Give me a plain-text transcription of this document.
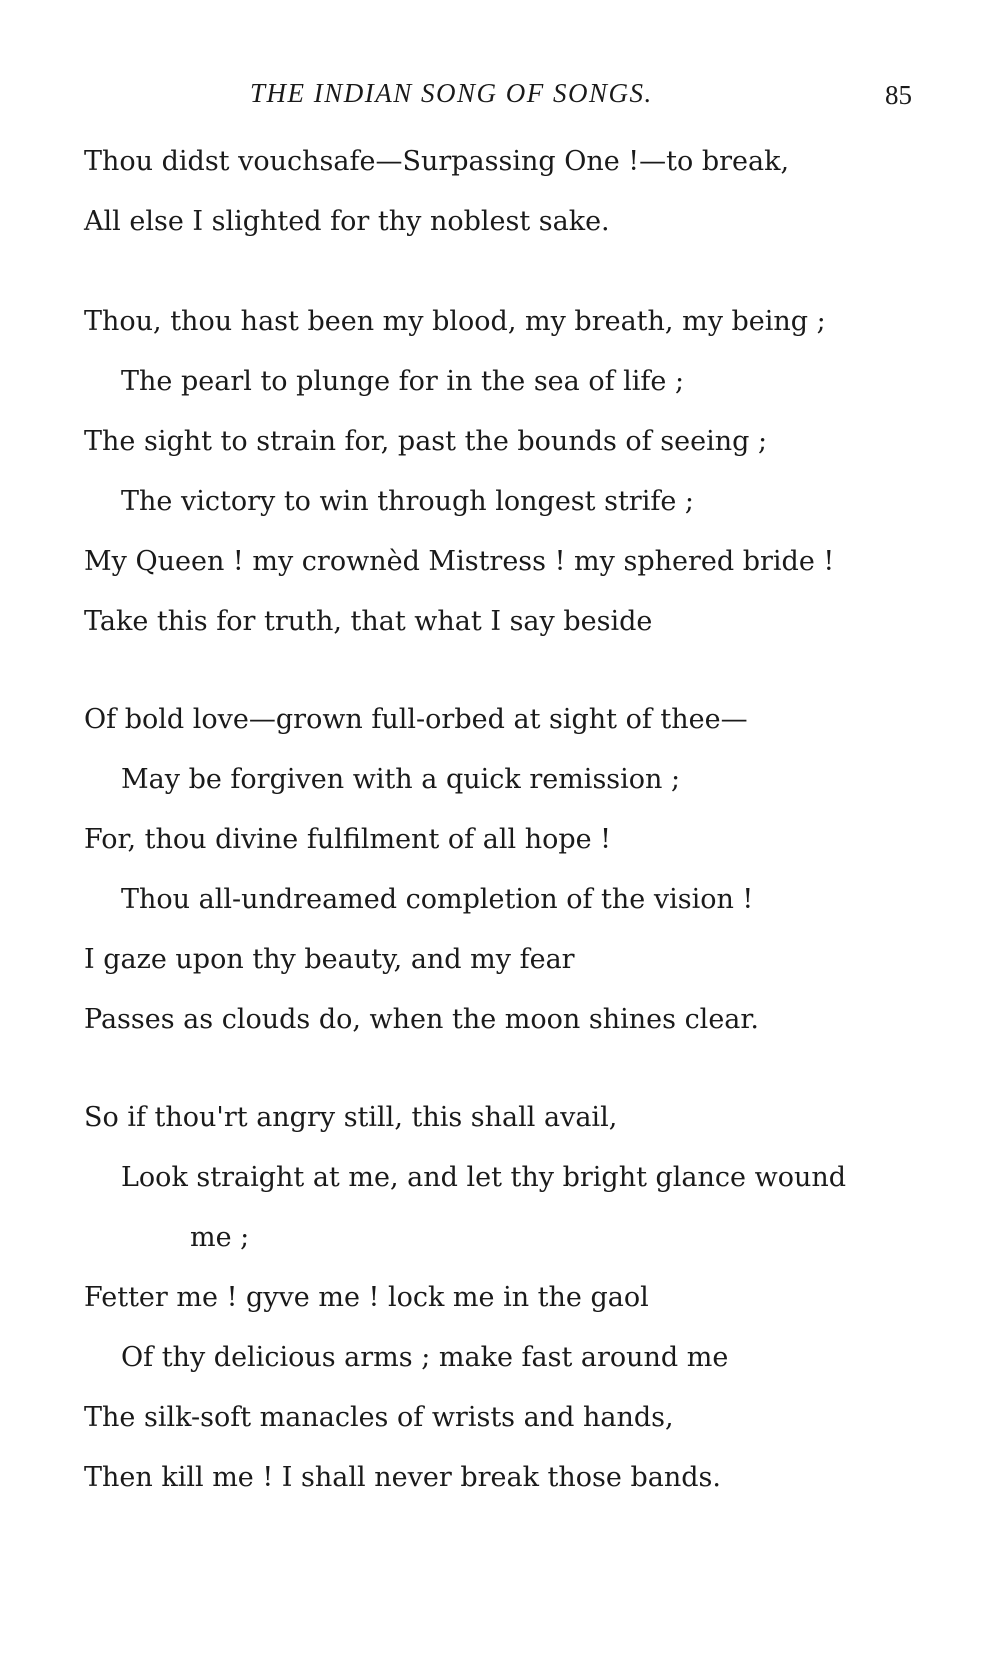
THE INDIAN SONG OF SONGS.	85
Thou didst vouchsafe—Surpassing One !—to break,
All else I slighted for thy noblest sake.
Thou, thou hast been my blood, my breath, my being ;
The pearl to plunge for in the sea of life ;
The sight to strain for, past the bounds of seeing ;
The victory to win through longest strife ;
My Queen ! my crownèd Mistress ! my sphered bride !
Take this for truth, that what I say beside
Of bold love—grown full-orbed at sight of thee—
May be forgiven with a quick remission ;
For, thou divine fulfilment of all hope !
Thou all-undreamed completion of the vision !
I gaze upon thy beauty, and my fear
Passes as clouds do, when the moon shines clear.
So if thou'rt angry still, this shall avail,
Look straight at me, and let thy bright glance wound
me ;
Fetter me ! gyve me ! lock me in the gaol
Of thy delicious arms ; make fast around me
The silk-soft manacles of wrists and hands,
Then kill me ! I shall never break those bands.
